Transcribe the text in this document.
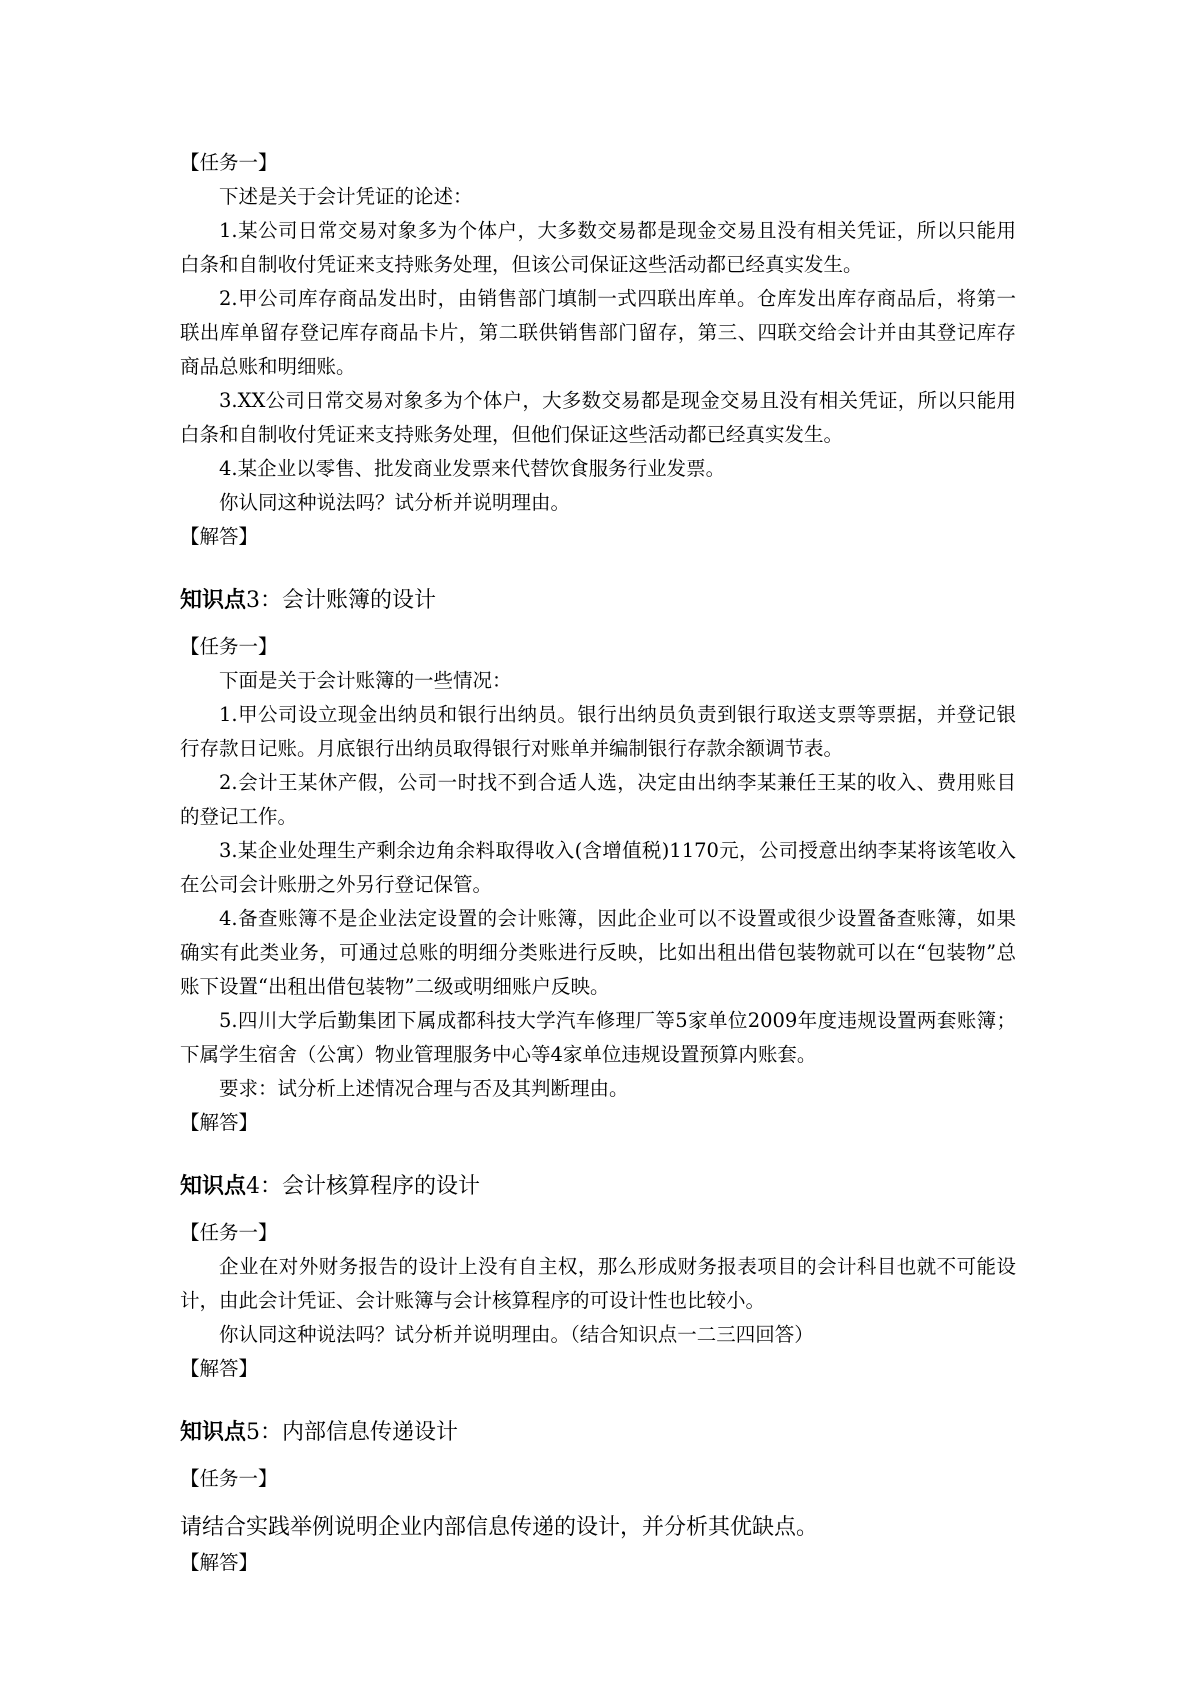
【任务一】

下述是关于会计凭证的论述：

1.某公司日常交易对象多为个体户，大多数交易都是现金交易且没有相关凭证，所以只能用白条和自制收付凭证来支持账务处理，但该公司保证这些活动都已经真实发生。

2.甲公司库存商品发出时，由销售部门填制一式四联出库单。仓库发出库存商品后，将第一联出库单留存登记库存商品卡片，第二联供销售部门留存，第三、四联交给会计并由其登记库存商品总账和明细账。

3.XX公司日常交易对象多为个体户，大多数交易都是现金交易且没有相关凭证，所以只能用白条和自制收付凭证来支持账务处理，但他们保证这些活动都已经真实发生。

4.某企业以零售、批发商业发票来代替饮食服务行业发票。

你认同这种说法吗？试分析并说明理由。

【解答】

知识点3：会计账簿的设计

【任务一】

下面是关于会计账簿的一些情况：

1.甲公司设立现金出纳员和银行出纳员。银行出纳员负责到银行取送支票等票据，并登记银行存款日记账。月底银行出纳员取得银行对账单并编制银行存款余额调节表。

2.会计王某休产假，公司一时找不到合适人选，决定由出纳李某兼任王某的收入、费用账目的登记工作。

3.某企业处理生产剩余边角余料取得收入(含增值税)1170元，公司授意出纳李某将该笔收入在公司会计账册之外另行登记保管。

4.备查账簿不是企业法定设置的会计账簿，因此企业可以不设置或很少设置备查账簿，如果确实有此类业务，可通过总账的明细分类账进行反映，比如出租出借包装物就可以在“包装物”总账下设置“出租出借包装物”二级或明细账户反映。

5.四川大学后勤集团下属成都科技大学汽车修理厂等5家单位2009年度违规设置两套账簿；下属学生宿舍（公寓）物业管理服务中心等4家单位违规设置预算内账套。

要求：试分析上述情况合理与否及其判断理由。

【解答】

知识点4：会计核算程序的设计

【任务一】

企业在对外财务报告的设计上没有自主权，那么形成财务报表项目的会计科目也就不可能设计，由此会计凭证、会计账簿与会计核算程序的可设计性也比较小。

你认同这种说法吗？试分析并说明理由。（结合知识点一二三四回答）

【解答】

知识点5：内部信息传递设计

【任务一】

请结合实践举例说明企业内部信息传递的设计，并分析其优缺点。

【解答】
